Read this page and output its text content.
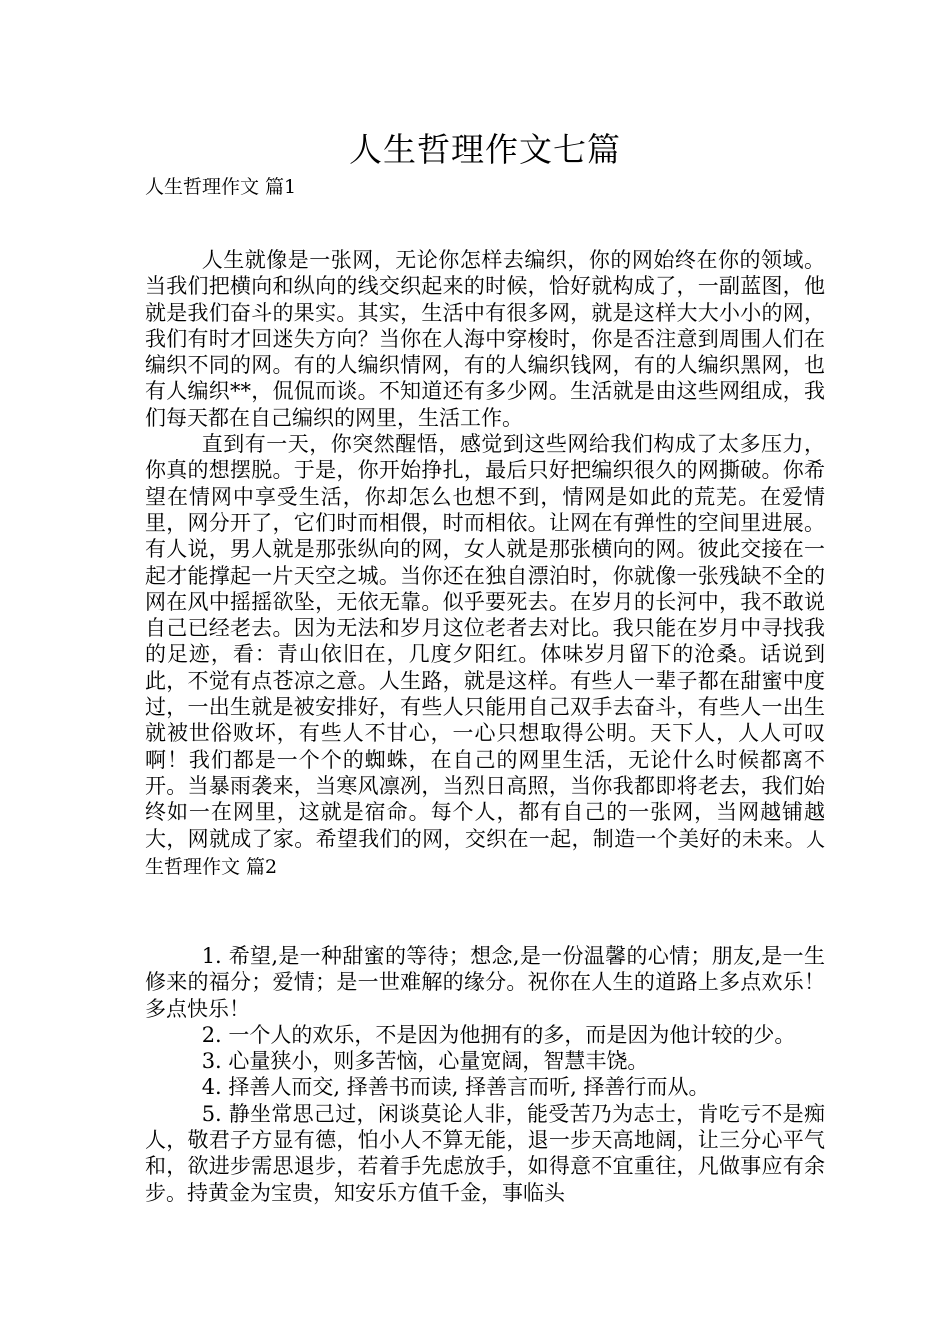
人生哲理作文七篇
人生哲理作文 篇1

人生就像是一张网，无论你怎样去编织，你的网始终在你的领域。当我们把横向和纵向的线交织起来的时候，恰好就构成了，一副蓝图，他就是我们奋斗的果实。其实，生活中有很多网，就是这样大大小小的网，我们有时才回迷失方向？当你在人海中穿梭时，你是否注意到周围人们在编织不同的网。有的人编织情网，有的人编织钱网，有的人编织黑网，也有人编织**，侃侃而谈。不知道还有多少网。生活就是由这些网组成，我们每天都在自己编织的网里，生活工作。

直到有一天，你突然醒悟，感觉到这些网给我们构成了太多压力，你真的想摆脱。于是，你开始挣扎，最后只好把编织很久的网撕破。你希望在情网中享受生活，你却怎么也想不到，情网是如此的荒芜。在爱情里，网分开了，它们时而相偎，时而相依。让网在有弹性的空间里进展。有人说，男人就是那张纵向的网，女人就是那张横向的网。彼此交接在一起才能撑起一片天空之城。当你还在独自漂泊时，你就像一张残缺不全的网在风中摇摇欲坠，无依无靠。似乎要死去。在岁月的长河中，我不敢说自己已经老去。因为无法和岁月这位老者去对比。我只能在岁月中寻找我的足迹，看：青山依旧在，几度夕阳红。体味岁月留下的沧桑。话说到此，不觉有点苍凉之意。人生路，就是这样。有些人一辈子都在甜蜜中度过，一出生就是被安排好，有些人只能用自己双手去奋斗，有些人一出生就被世俗败坏，有些人不甘心，一心只想取得公明。天下人，人人可叹啊！我们都是一个个的蜘蛛，在自己的网里生活，无论什么时候都离不开。当暴雨袭来，当寒风凛冽，当烈日高照，当你我都即将老去，我们始终如一在网里，这就是宿命。每个人，都有自己的一张网，当网越铺越大，网就成了家。希望我们的网，交织在一起，制造一个美好的未来。人生哲理作文 篇2

1. 希望,是一种甜蜜的等待；想念,是一份温馨的心情；朋友,是一生修来的福分；爱情；是一世难解的缘分。祝你在人生的道路上多点欢乐！多点快乐！

2. 一个人的欢乐，不是因为他拥有的多，而是因为他计较的少。

3. 心量狭小，则多苦恼，心量宽阔，智慧丰饶。

4. 择善人而交, 择善书而读, 择善言而听, 择善行而从。

5. 静坐常思己过，闲谈莫论人非，能受苦乃为志士，肯吃亏不是痴人，敬君子方显有德，怕小人不算无能，退一步天高地阔，让三分心平气和，欲进步需思退步，若着手先虑放手，如得意不宜重往，凡做事应有余步。持黄金为宝贵，知安乐方值千金，事临头
